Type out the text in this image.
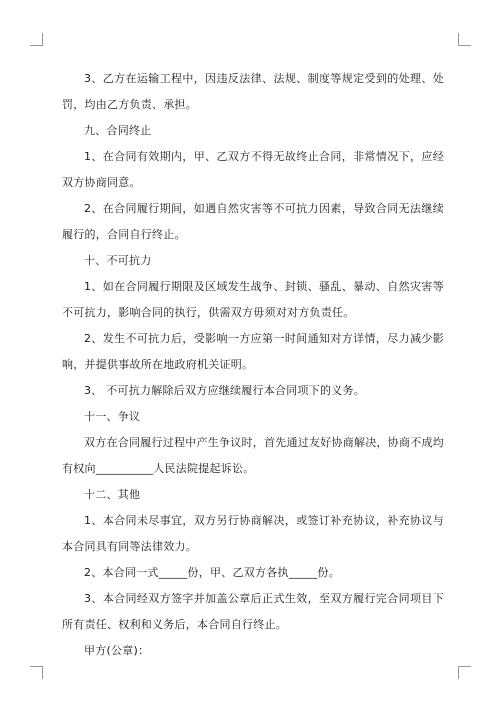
3、乙方在运输工程中，因违反法律、法规、制度等规定受到的处理、处罚，均由乙方负责、承担。

九、合同终止

1、在合同有效期内，甲、乙双方不得无故终止合同，非常情况下，应经双方协商同意。

2、在合同履行期间，如遇自然灾害等不可抗力因素，导致合同无法继续履行的，合同自行终止。

十、不可抗力

1、如在合同履行期限及区域发生战争、封锁、骚乱、暴动、自然灾害等不可抗力，影响合同的执行，供需双方毋须对对方负责任。

2、发生不可抗力后，受影响一方应第一时间通知对方详情，尽力减少影响，并提供事故所在地政府机关证明。

3、 不可抗力解除后双方应继续履行本合同项下的义务。

十一、争议

双方在合同履行过程中产生争议时，首先通过友好协商解决，协商不成均有权向__________人民法院提起诉讼。

十二、其他

1、本合同未尽事宜，双方另行协商解决，或签订补充协议，补充协议与本合同具有同等法律效力。

2、本合同一式_____份，甲、乙双方各执_____份。

3、本合同经双方签字并加盖公章后正式生效，至双方履行完合同项目下所有责任、权利和义务后，本合同自行终止。

甲方(公章)：
